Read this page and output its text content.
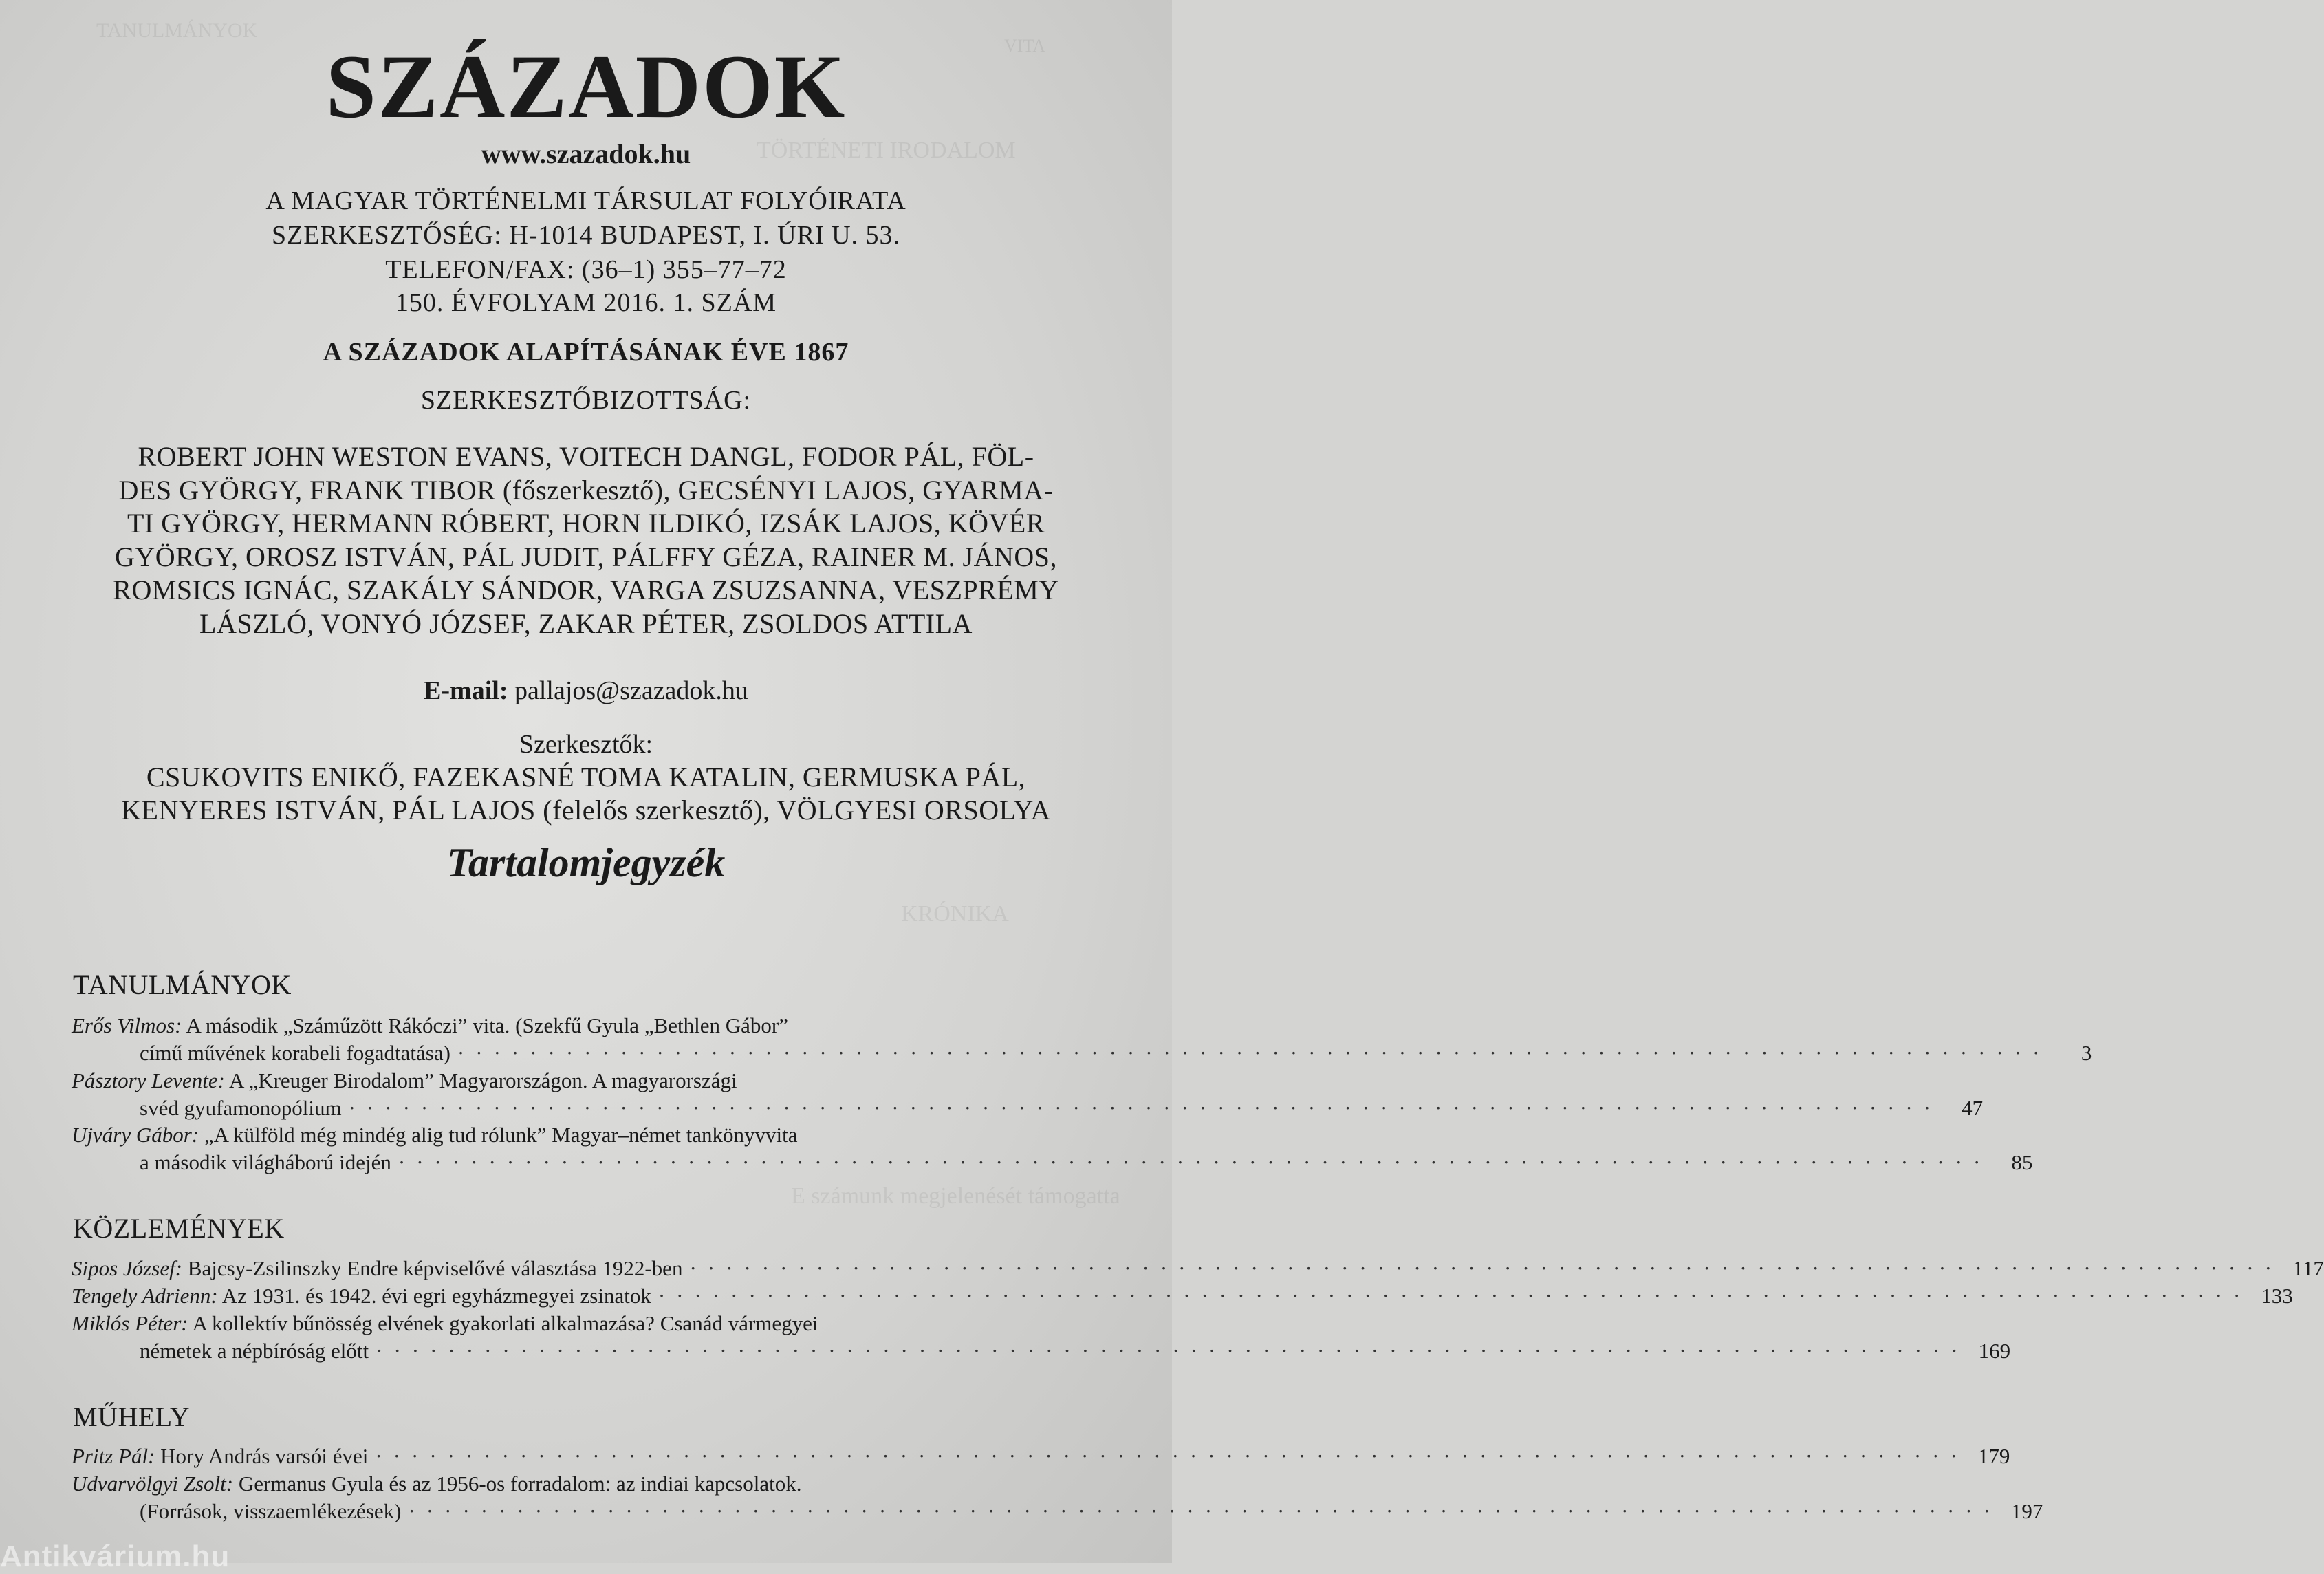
TANULMÁNYOK
VITA
TÖRTÉNETI IRODALOM
KRÓNIKA
E számunk megjelenését támogatta
SZÁZADOK
www.szazadok.hu
A MAGYAR TÖRTÉNELMI TÁRSULAT FOLYÓIRATA
SZERKESZTŐSÉG: H-1014 BUDAPEST, I. ÚRI U. 53.
TELEFON/FAX: (36–1) 355–77–72
150. ÉVFOLYAM 2016. 1. SZÁM
A SZÁZADOK ALAPÍTÁSÁNAK ÉVE 1867
SZERKESZTŐBIZOTTSÁG:
ROBERT JOHN WESTON EVANS, VOITECH DANGL, FODOR PÁL, FÖL-
DES GYÖRGY, FRANK TIBOR (főszerkesztő), GECSÉNYI LAJOS, GYARMA-
TI GYÖRGY, HERMANN RÓBERT, HORN ILDIKÓ, IZSÁK LAJOS, KÖVÉR
GYÖRGY, OROSZ ISTVÁN, PÁL JUDIT, PÁLFFY GÉZA, RAINER M. JÁNOS,
ROMSICS IGNÁC, SZAKÁLY SÁNDOR, VARGA ZSUZSANNA, VESZPRÉMY
LÁSZLÓ, VONYÓ JÓZSEF, ZAKAR PÉTER, ZSOLDOS ATTILA
E-mail: pallajos@szazadok.hu
Szerkesztők:
CSUKOVITS ENIKŐ, FAZEKASNÉ TOMA KATALIN, GERMUSKA PÁL,
KENYERES ISTVÁN, PÁL LAJOS (felelős szerkesztő), VÖLGYESI ORSOLYA
Tartalomjegyzék
TANULMÁNYOK
Erős Vilmos: A második „Száműzött Rákóczi” vita. (Szekfű Gyula „Bethlen Gábor”
című művének korabeli fogadtatása) ························································································	3
Pásztory Levente: A „Kreuger Birodalom” Magyarországon. A magyarországi
svéd gyufamonopólium ························································································ 47
Ujváry Gábor: „A külföld még mindég alig tud rólunk” Magyar–német tankönyvvita
a második világháború idején ························································································ 85
KÖZLEMÉNYEK
Sipos József: Bajcsy-Zsilinszky Endre képviselővé választása 1922-ben ························································································ 117
Tengely Adrienn: Az 1931. és 1942. évi egri egyházmegyei zsinatok ························································································ 133
Miklós Péter: A kollektív bűnösség elvének gyakorlati alkalmazása? Csanád vármegyei
németek a népbíróság előtt ························································································ 169
MŰHELY
Pritz Pál: Hory András varsói évei ························································································ 179
Udvarvölgyi Zsolt: Germanus Gyula és az 1956-os forradalom: az indiai kapcsolatok.
(Források, visszaemlékezések) ························································································ 197
Antikvárium.hu
